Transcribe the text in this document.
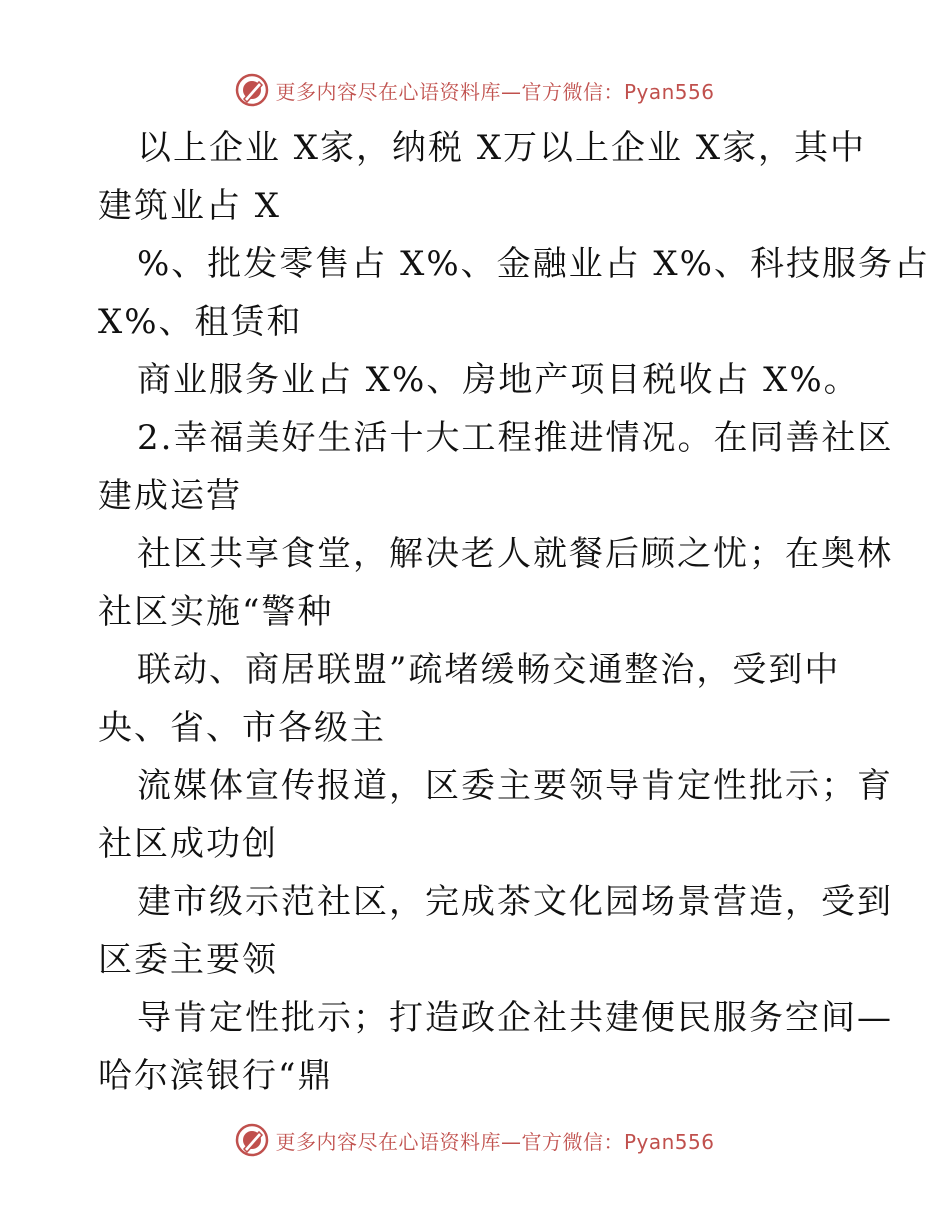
更多内容尽在心语资料库—官方微信：Pyan556
以上企业 X家，纳税 X万以上企业 X家，其中
建筑业占 X
%、批发零售占 X%、金融业占 X%、科技服务占
X%、租赁和
商业服务业占 X%、房地产项目税收占 X%。
2.幸福美好生活十大工程推进情况。在同善社区
建成运营
社区共享食堂，解决老人就餐后顾之忧；在奥林
社区实施“警种
联动、商居联盟”疏堵缓畅交通整治，受到中
央、省、市各级主
流媒体宣传报道，区委主要领导肯定性批示；育
社区成功创
建市级示范社区，完成茶文化园场景营造，受到
区委主要领
导肯定性批示；打造政企社共建便民服务空间—
哈尔滨银行“鼎
更多内容尽在心语资料库—官方微信：Pyan556
